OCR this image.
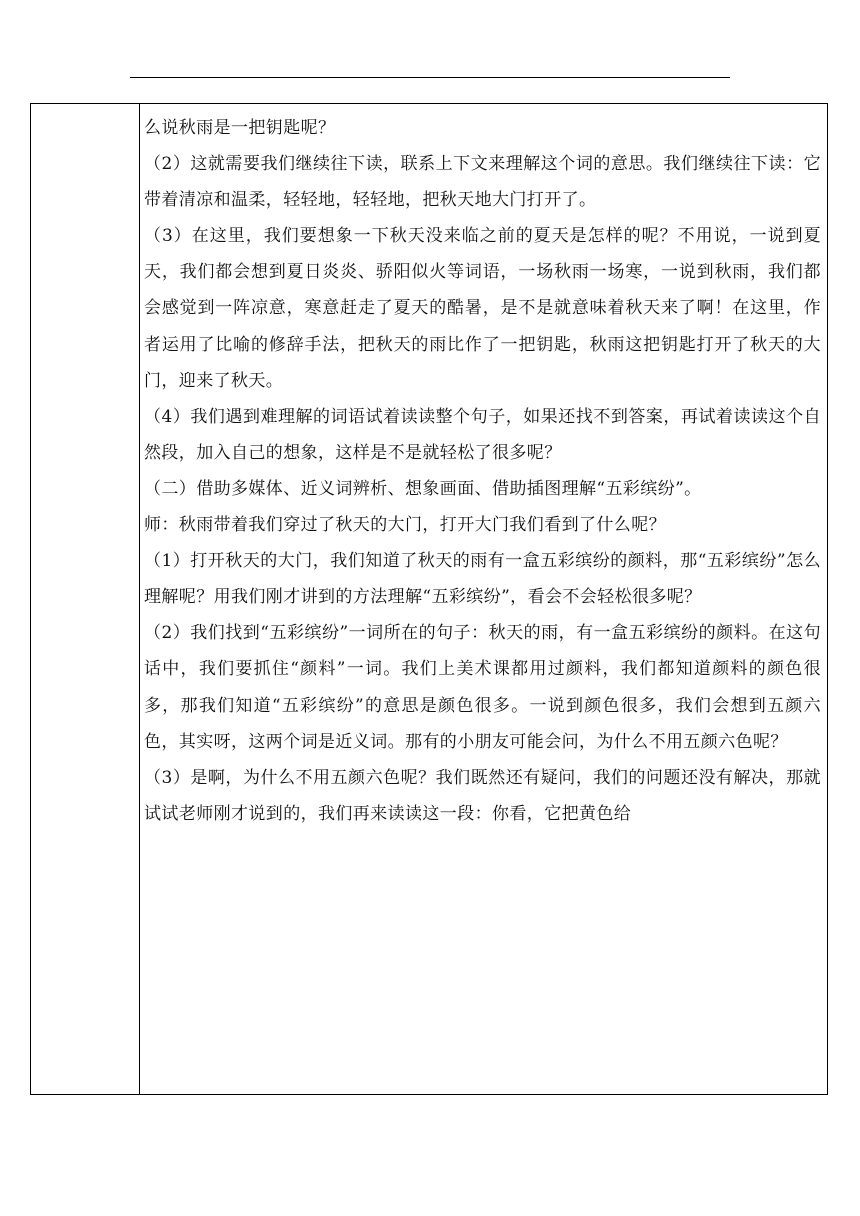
么说秋雨是一把钥匙呢？

（2）这就需要我们继续往下读，联系上下文来理解这个词的意思。我们继续往下读：它带着清凉和温柔，轻轻地，轻轻地，把秋天地大门打开了。

（3）在这里，我们要想象一下秋天没来临之前的夏天是怎样的呢？不用说，一说到夏天，我们都会想到夏日炎炎、骄阳似火等词语，一场秋雨一场寒，一说到秋雨，我们都会感觉到一阵凉意，寒意赶走了夏天的酷暑，是不是就意味着秋天来了啊！在这里，作者运用了比喻的修辞手法，把秋天的雨比作了一把钥匙，秋雨这把钥匙打开了秋天的大门，迎来了秋天。

（4）我们遇到难理解的词语试着读读整个句子，如果还找不到答案，再试着读读这个自然段，加入自己的想象，这样是不是就轻松了很多呢？

（二）借助多媒体、近义词辨析、想象画面、借助插图理解“五彩缤纷”。

师：秋雨带着我们穿过了秋天的大门，打开大门我们看到了什么呢？

（1）打开秋天的大门，我们知道了秋天的雨有一盒五彩缤纷的颜料，那“五彩缤纷”怎么理解呢？用我们刚才讲到的方法理解“五彩缤纷”，看会不会轻松很多呢？

（2）我们找到“五彩缤纷”一词所在的句子：秋天的雨，有一盒五彩缤纷的颜料。在这句话中，我们要抓住“颜料”一词。我们上美术课都用过颜料，我们都知道颜料的颜色很多，那我们知道“五彩缤纷”的意思是颜色很多。一说到颜色很多，我们会想到五颜六色，其实呀，这两个词是近义词。那有的小朋友可能会问，为什么不用五颜六色呢？

（3）是啊，为什么不用五颜六色呢？我们既然还有疑问，我们的问题还没有解决，那就试试老师刚才说到的，我们再来读读这一段：你看，它把黄色给
